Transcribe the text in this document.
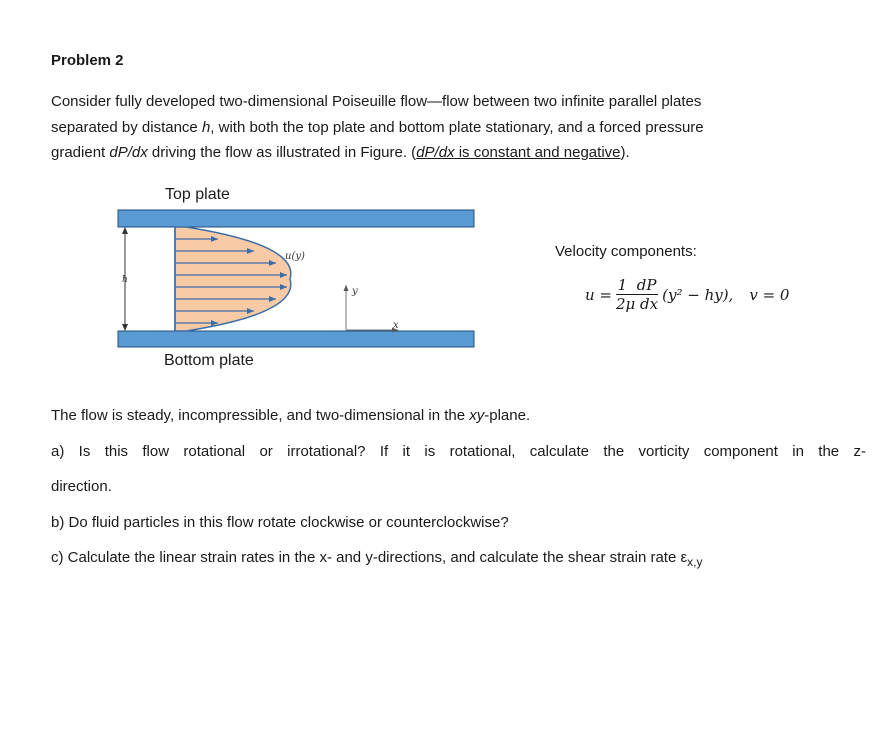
Problem 2
Consider fully developed two-dimensional Poiseuille flow—flow between two infinite parallel plates
separated by distance h, with both the top plate and bottom plate stationary, and a forced pressure
gradient dP/dx driving the flow as illustrated in Figure. (dP/dx is constant and negative).
Top plate
Bottom plate
h
u(y)
y
x
Velocity components:
$u = \frac{1 dP}{\text{2μ dx}} (y^2 - hy)$, v = 0

The flow is steady, incompressible, and two-dimensional in the xy-plane.

a) Is this flow rotational or irrotational? If it is rotational, calculate the vorticity component in the z-

direction.

b) Do fluid particles in this flow rotate clockwise or counterclockwise?

c) Calculate the linear strain rates in the x- and y-directions, and calculate the shear strain rate $\varepsilon_{x,y}$
